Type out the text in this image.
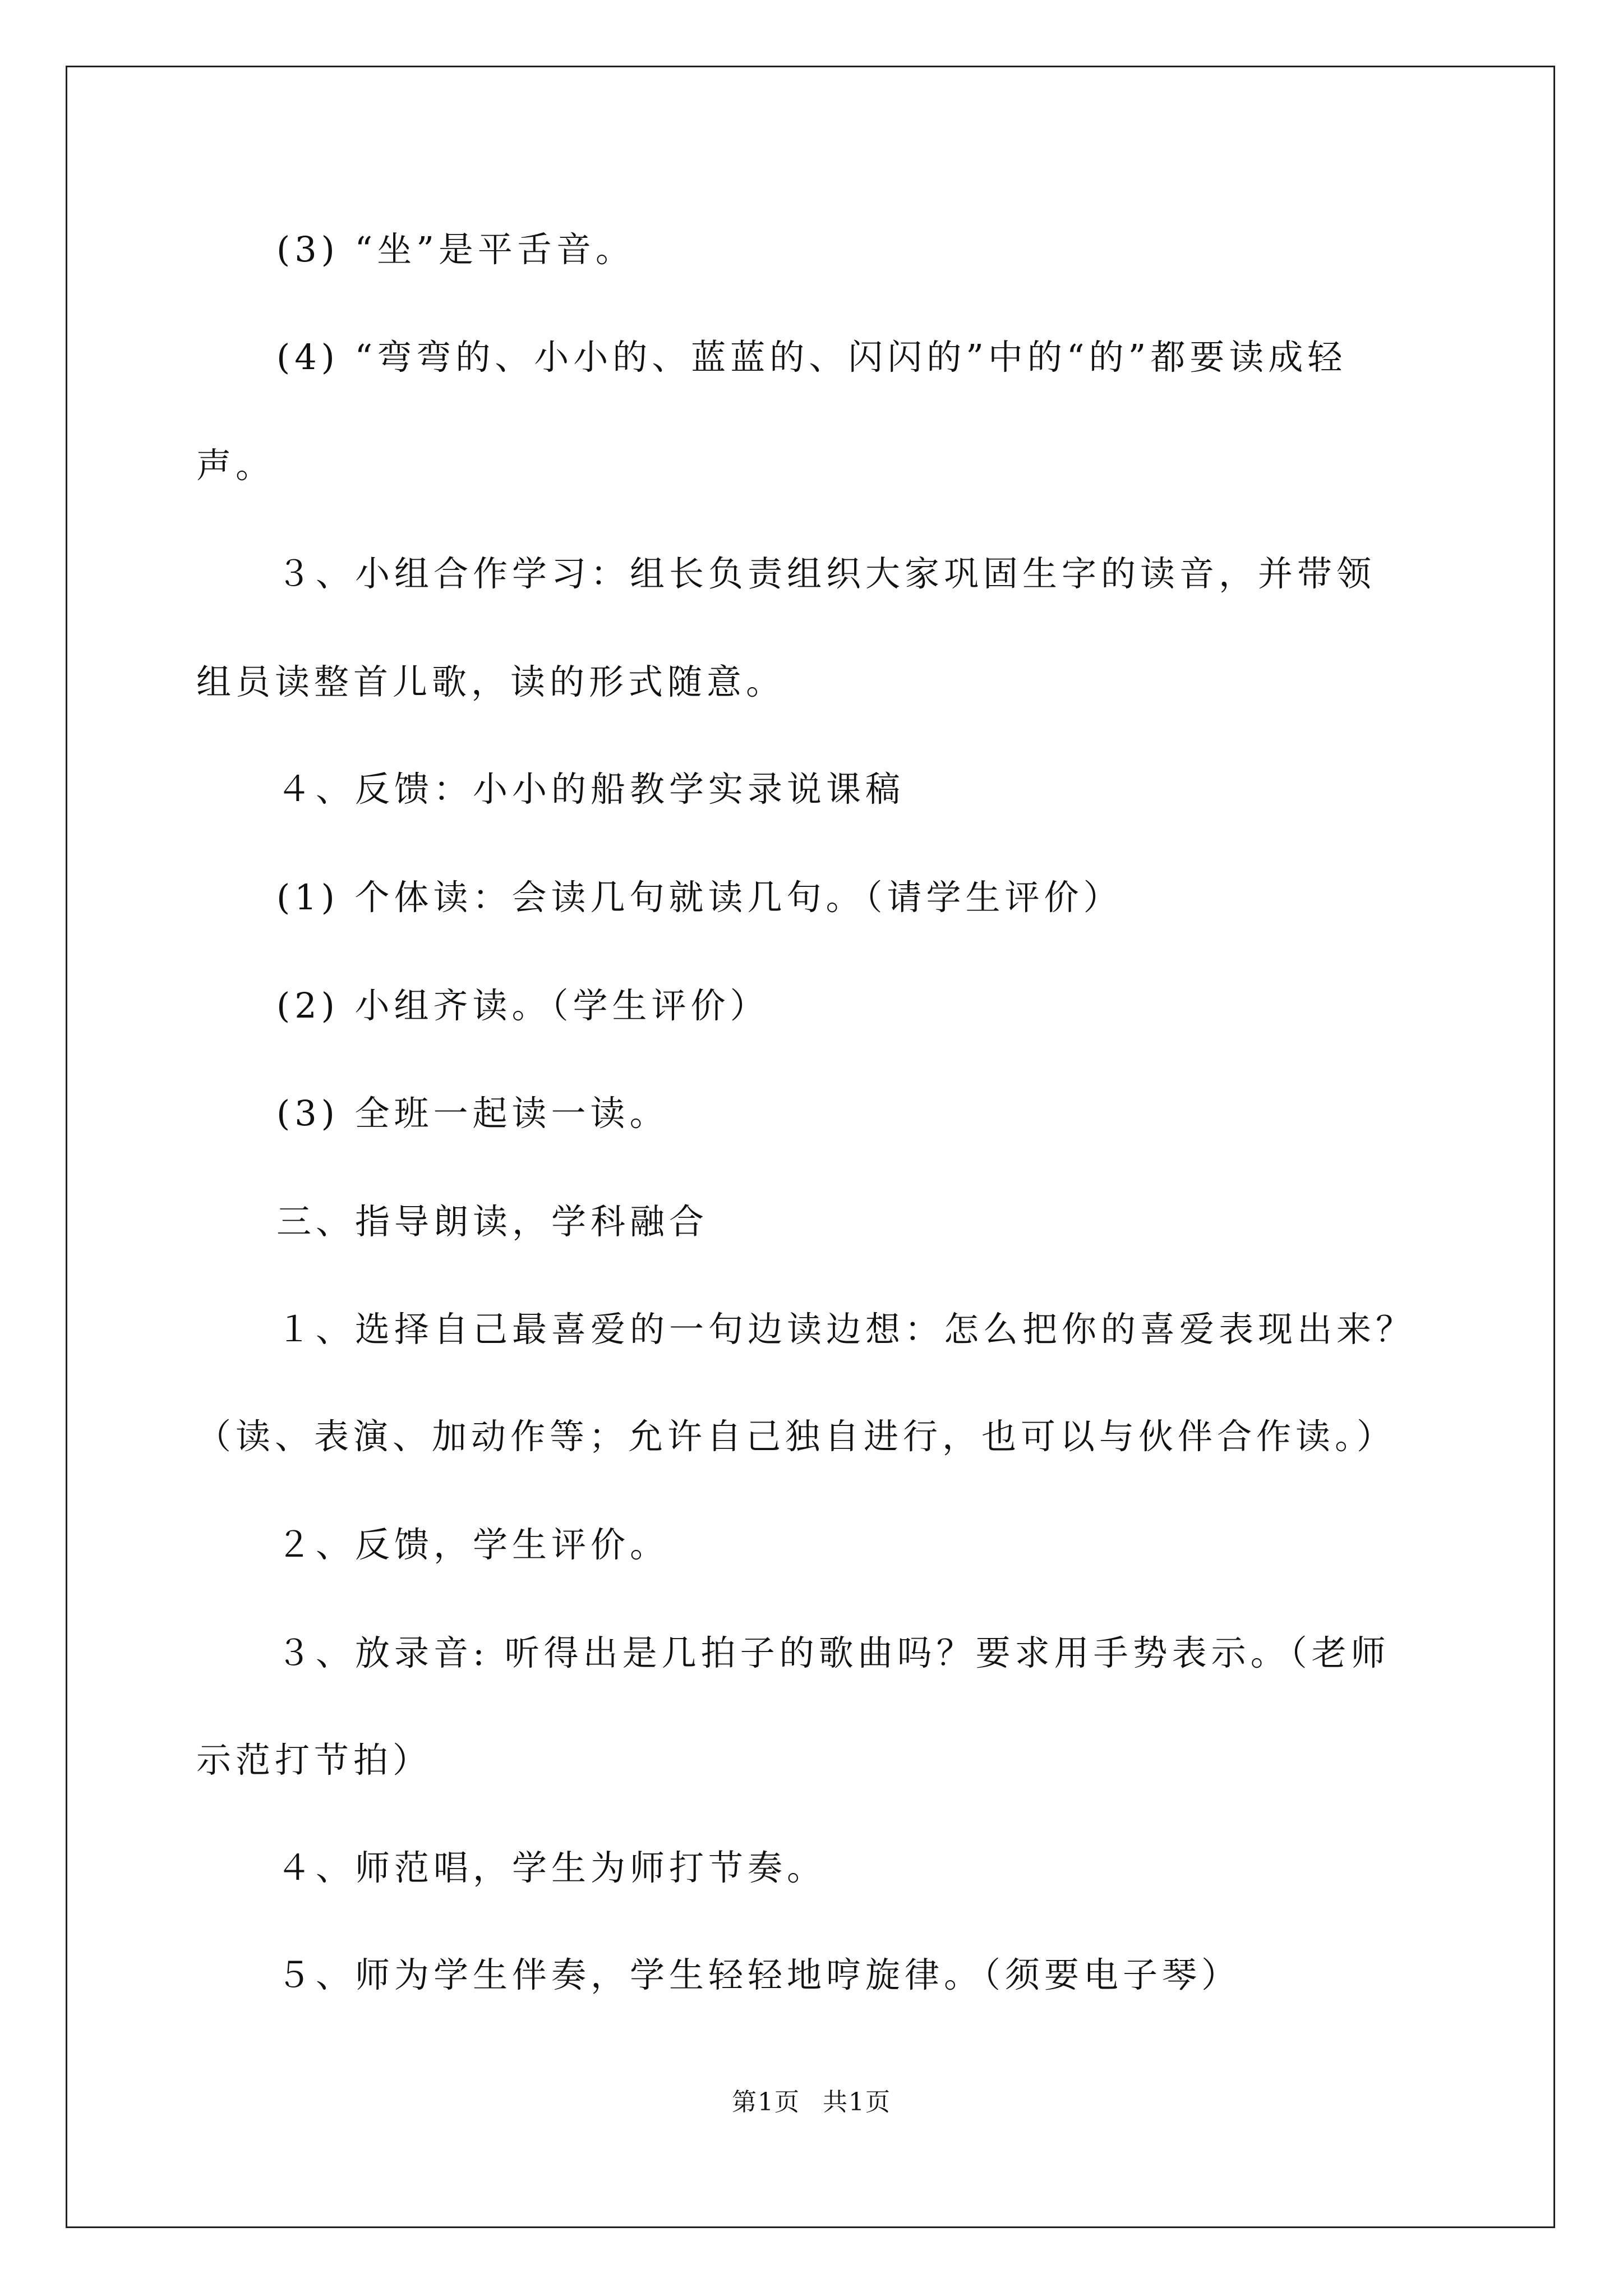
(3) “坐”是平舌音。
(4) “弯弯的、小小的、蓝蓝的、闪闪的”中的“的”都要读成轻
声。
３、小组合作学习：组长负责组织大家巩固生字的读音，并带领
组员读整首儿歌，读的形式随意。
４、反馈：小小的船教学实录说课稿
(1) 个体读：会读几句就读几句。（请学生评价）
(2) 小组齐读。（学生评价）
(3) 全班一起读一读。
三、指导朗读，学科融合
１、选择自己最喜爱的一句边读边想：怎么把你的喜爱表现出来？
（读、表演、加动作等；允许自己独自进行，也可以与伙伴合作读。）
２、反馈，学生评价。
３、放录音: 听得出是几拍子的歌曲吗？要求用手势表示。（老师
示范打节拍）
４、师范唱，学生为师打节奏。
５、师为学生伴奏，学生轻轻地哼旋律。（须要电子琴）
第1页 共1页
